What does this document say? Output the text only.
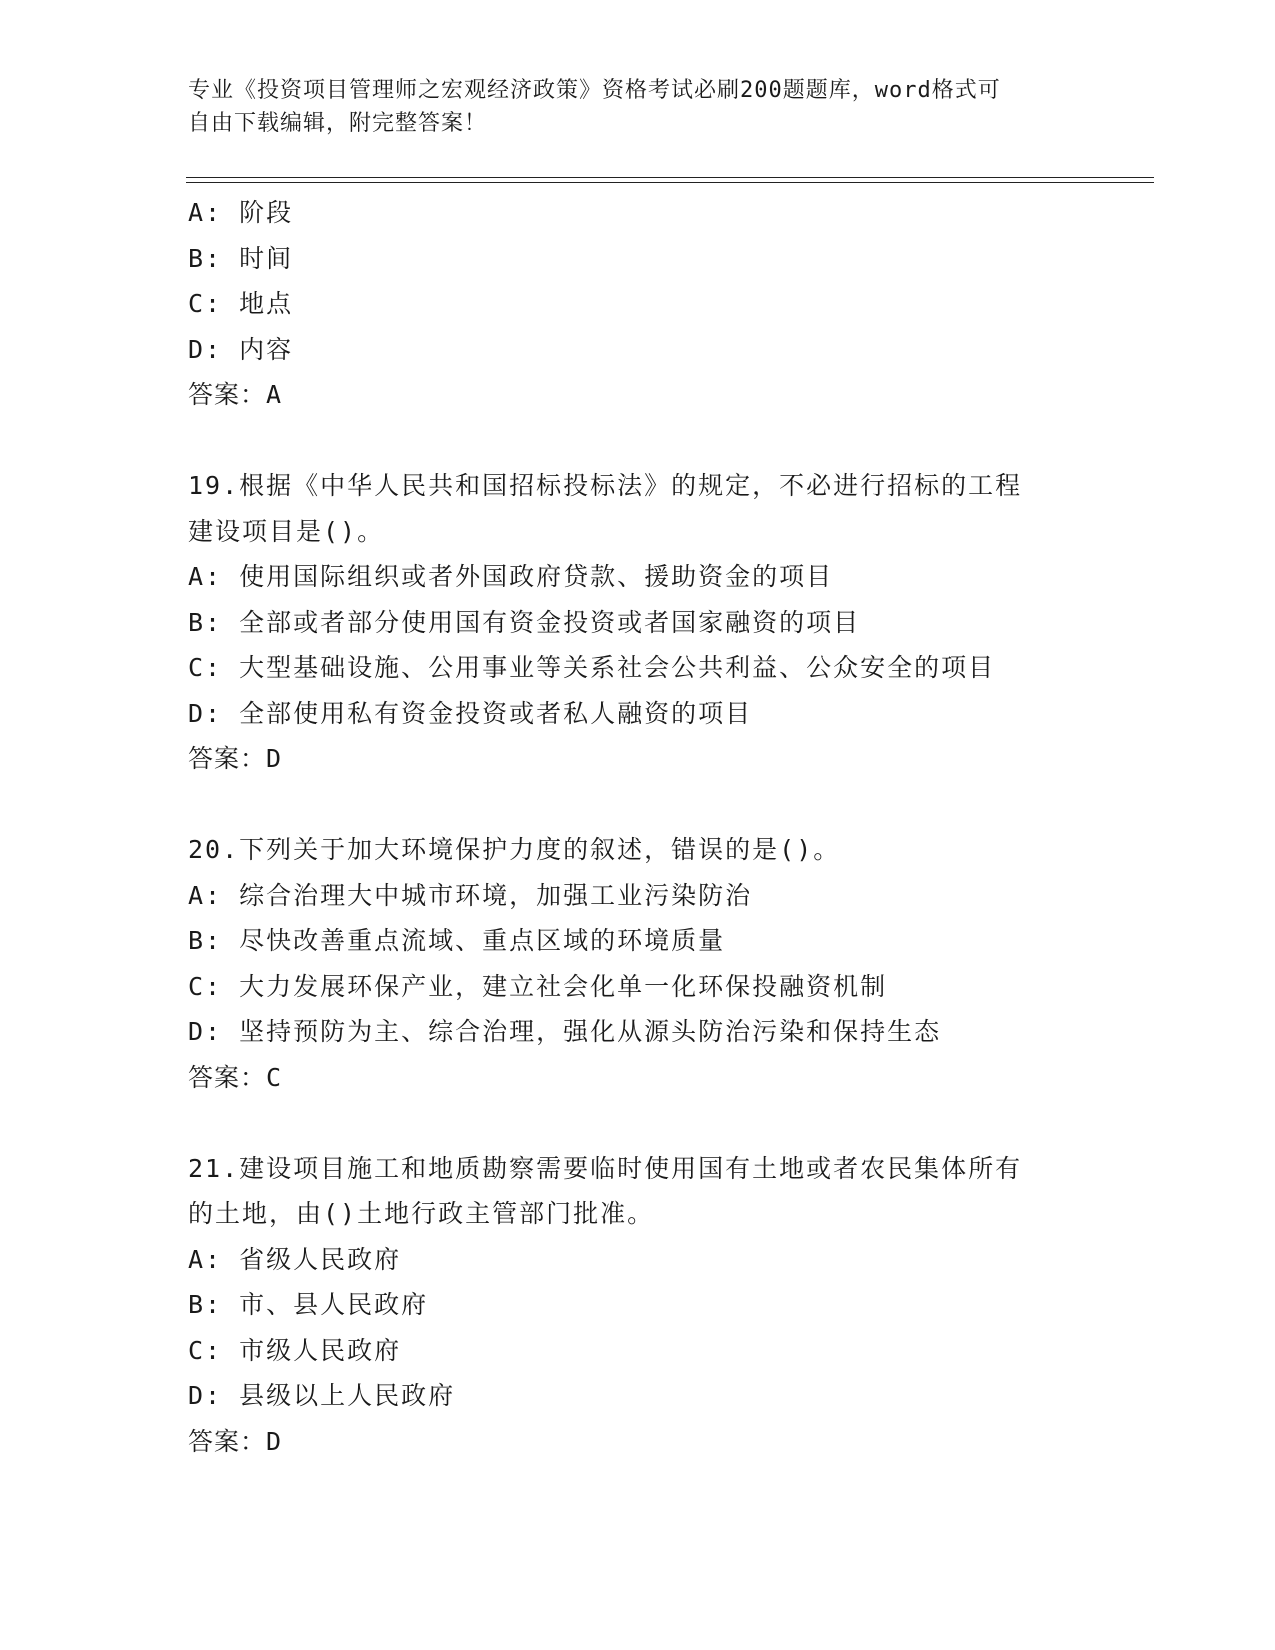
专业《投资项目管理师之宏观经济政策》资格考试必刷200题题库，word格式可
自由下载编辑，附完整答案！
A: 阶段
B: 时间
C: 地点
D: 内容
答案：A
19.根据《中华人民共和国招标投标法》的规定，不必进行招标的工程
建设项目是()。
A: 使用国际组织或者外国政府贷款、援助资金的项目
B: 全部或者部分使用国有资金投资或者国家融资的项目
C: 大型基础设施、公用事业等关系社会公共利益、公众安全的项目
D: 全部使用私有资金投资或者私人融资的项目
答案：D
20.下列关于加大环境保护力度的叙述，错误的是()。
A: 综合治理大中城市环境，加强工业污染防治
B: 尽快改善重点流域、重点区域的环境质量
C: 大力发展环保产业，建立社会化单一化环保投融资机制
D: 坚持预防为主、综合治理，强化从源头防治污染和保持生态
答案：C
21.建设项目施工和地质勘察需要临时使用国有土地或者农民集体所有
的土地，由()土地行政主管部门批准。
A: 省级人民政府
B: 市、县人民政府
C: 市级人民政府
D: 县级以上人民政府
答案：D
